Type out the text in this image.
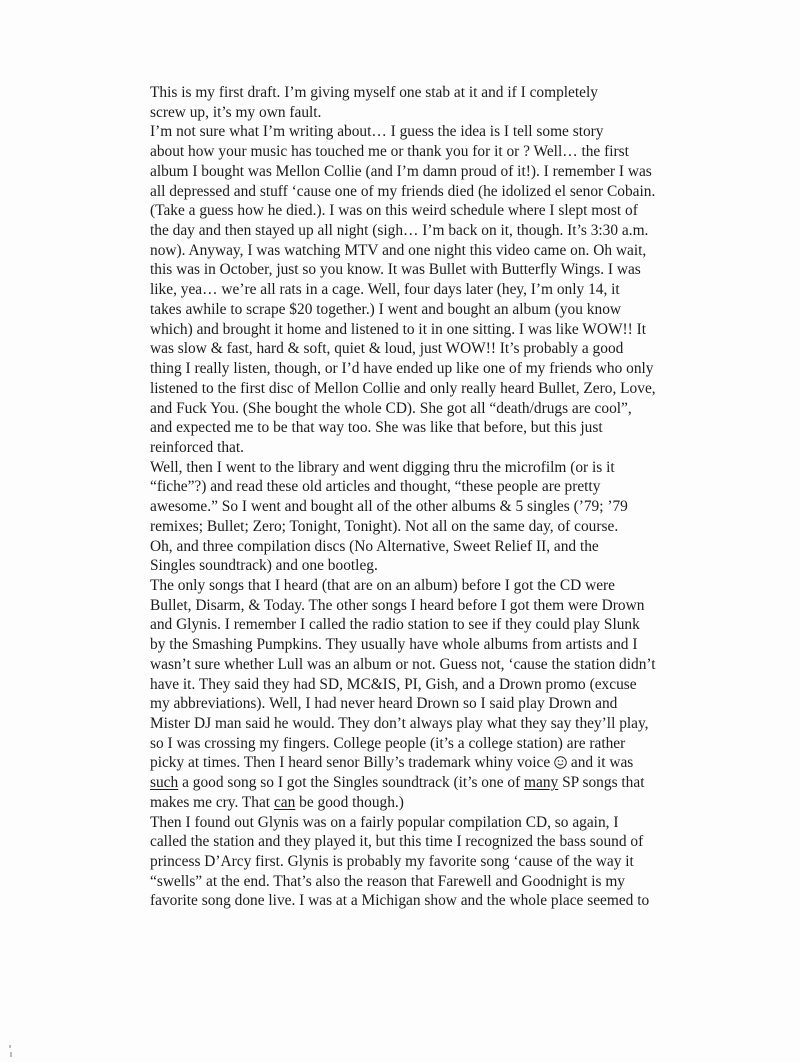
This is my first draft. I’m giving myself one stab at it and if I completely
screw up, it’s my own fault.

I’m not sure what I’m writing about… I guess the idea is I tell some story
about how your music has touched me or thank you for it or ? Well… the first
album I bought was Mellon Collie (and I’m damn proud of it!). I remember I was
all depressed and stuff ‘cause one of my friends died (he idolized el senor Cobain.
(Take a guess how he died.). I was on this weird schedule where I slept most of
the day and then stayed up all night (sigh… I’m back on it, though. It’s 3:30 a.m.
now). Anyway, I was watching MTV and one night this video came on. Oh wait,
this was in October, just so you know. It was Bullet with Butterfly Wings. I was
like, yea… we’re all rats in a cage. Well, four days later (hey, I’m only 14, it
takes awhile to scrape $20 together.) I went and bought an album (you know
which) and brought it home and listened to it in one sitting. I was like WOW!! It
was slow & fast, hard & soft, quiet & loud, just WOW!! It’s probably a good
thing I really listen, though, or I’d have ended up like one of my friends who only
listened to the first disc of Mellon Collie and only really heard Bullet, Zero, Love,
and Fuck You. (She bought the whole CD). She got all “death/drugs are cool”,
and expected me to be that way too. She was like that before, but this just
reinforced that.

Well, then I went to the library and went digging thru the microfilm (or is it
“fiche”?) and read these old articles and thought, “these people are pretty
awesome.” So I went and bought all of the other albums & 5 singles (’79; ’79
remixes; Bullet; Zero; Tonight, Tonight). Not all on the same day, of course.

Oh, and three compilation discs (No Alternative, Sweet Relief II, and the
Singles soundtrack) and one bootleg.

The only songs that I heard (that are on an album) before I got the CD were
Bullet, Disarm, & Today. The other songs I heard before I got them were Drown
and Glynis. I remember I called the radio station to see if they could play Slunk
by the Smashing Pumpkins. They usually have whole albums from artists and I
wasn’t sure whether Lull was an album or not. Guess not, ‘cause the station didn’t
have it. They said they had SD, MC&IS, PI, Gish, and a Drown promo (excuse
my abbreviations). Well, I had never heard Drown so I said play Drown and
Mister DJ man said he would. They don’t always play what they say they’ll play,
so I was crossing my fingers. College people (it’s a college station) are rather
picky at times. Then I heard senor Billy’s trademark whiny voice  and it was
such a good song so I got the Singles soundtrack (it’s one of many SP songs that
makes me cry. That can be good though.)

Then I found out Glynis was on a fairly popular compilation CD, so again, I
called the station and they played it, but this time I recognized the bass sound of
princess D’Arcy first. Glynis is probably my favorite song ‘cause of the way it
“swells” at the end. That’s also the reason that Farewell and Goodnight is my
favorite song done live. I was at a Michigan show and the whole place seemed to
